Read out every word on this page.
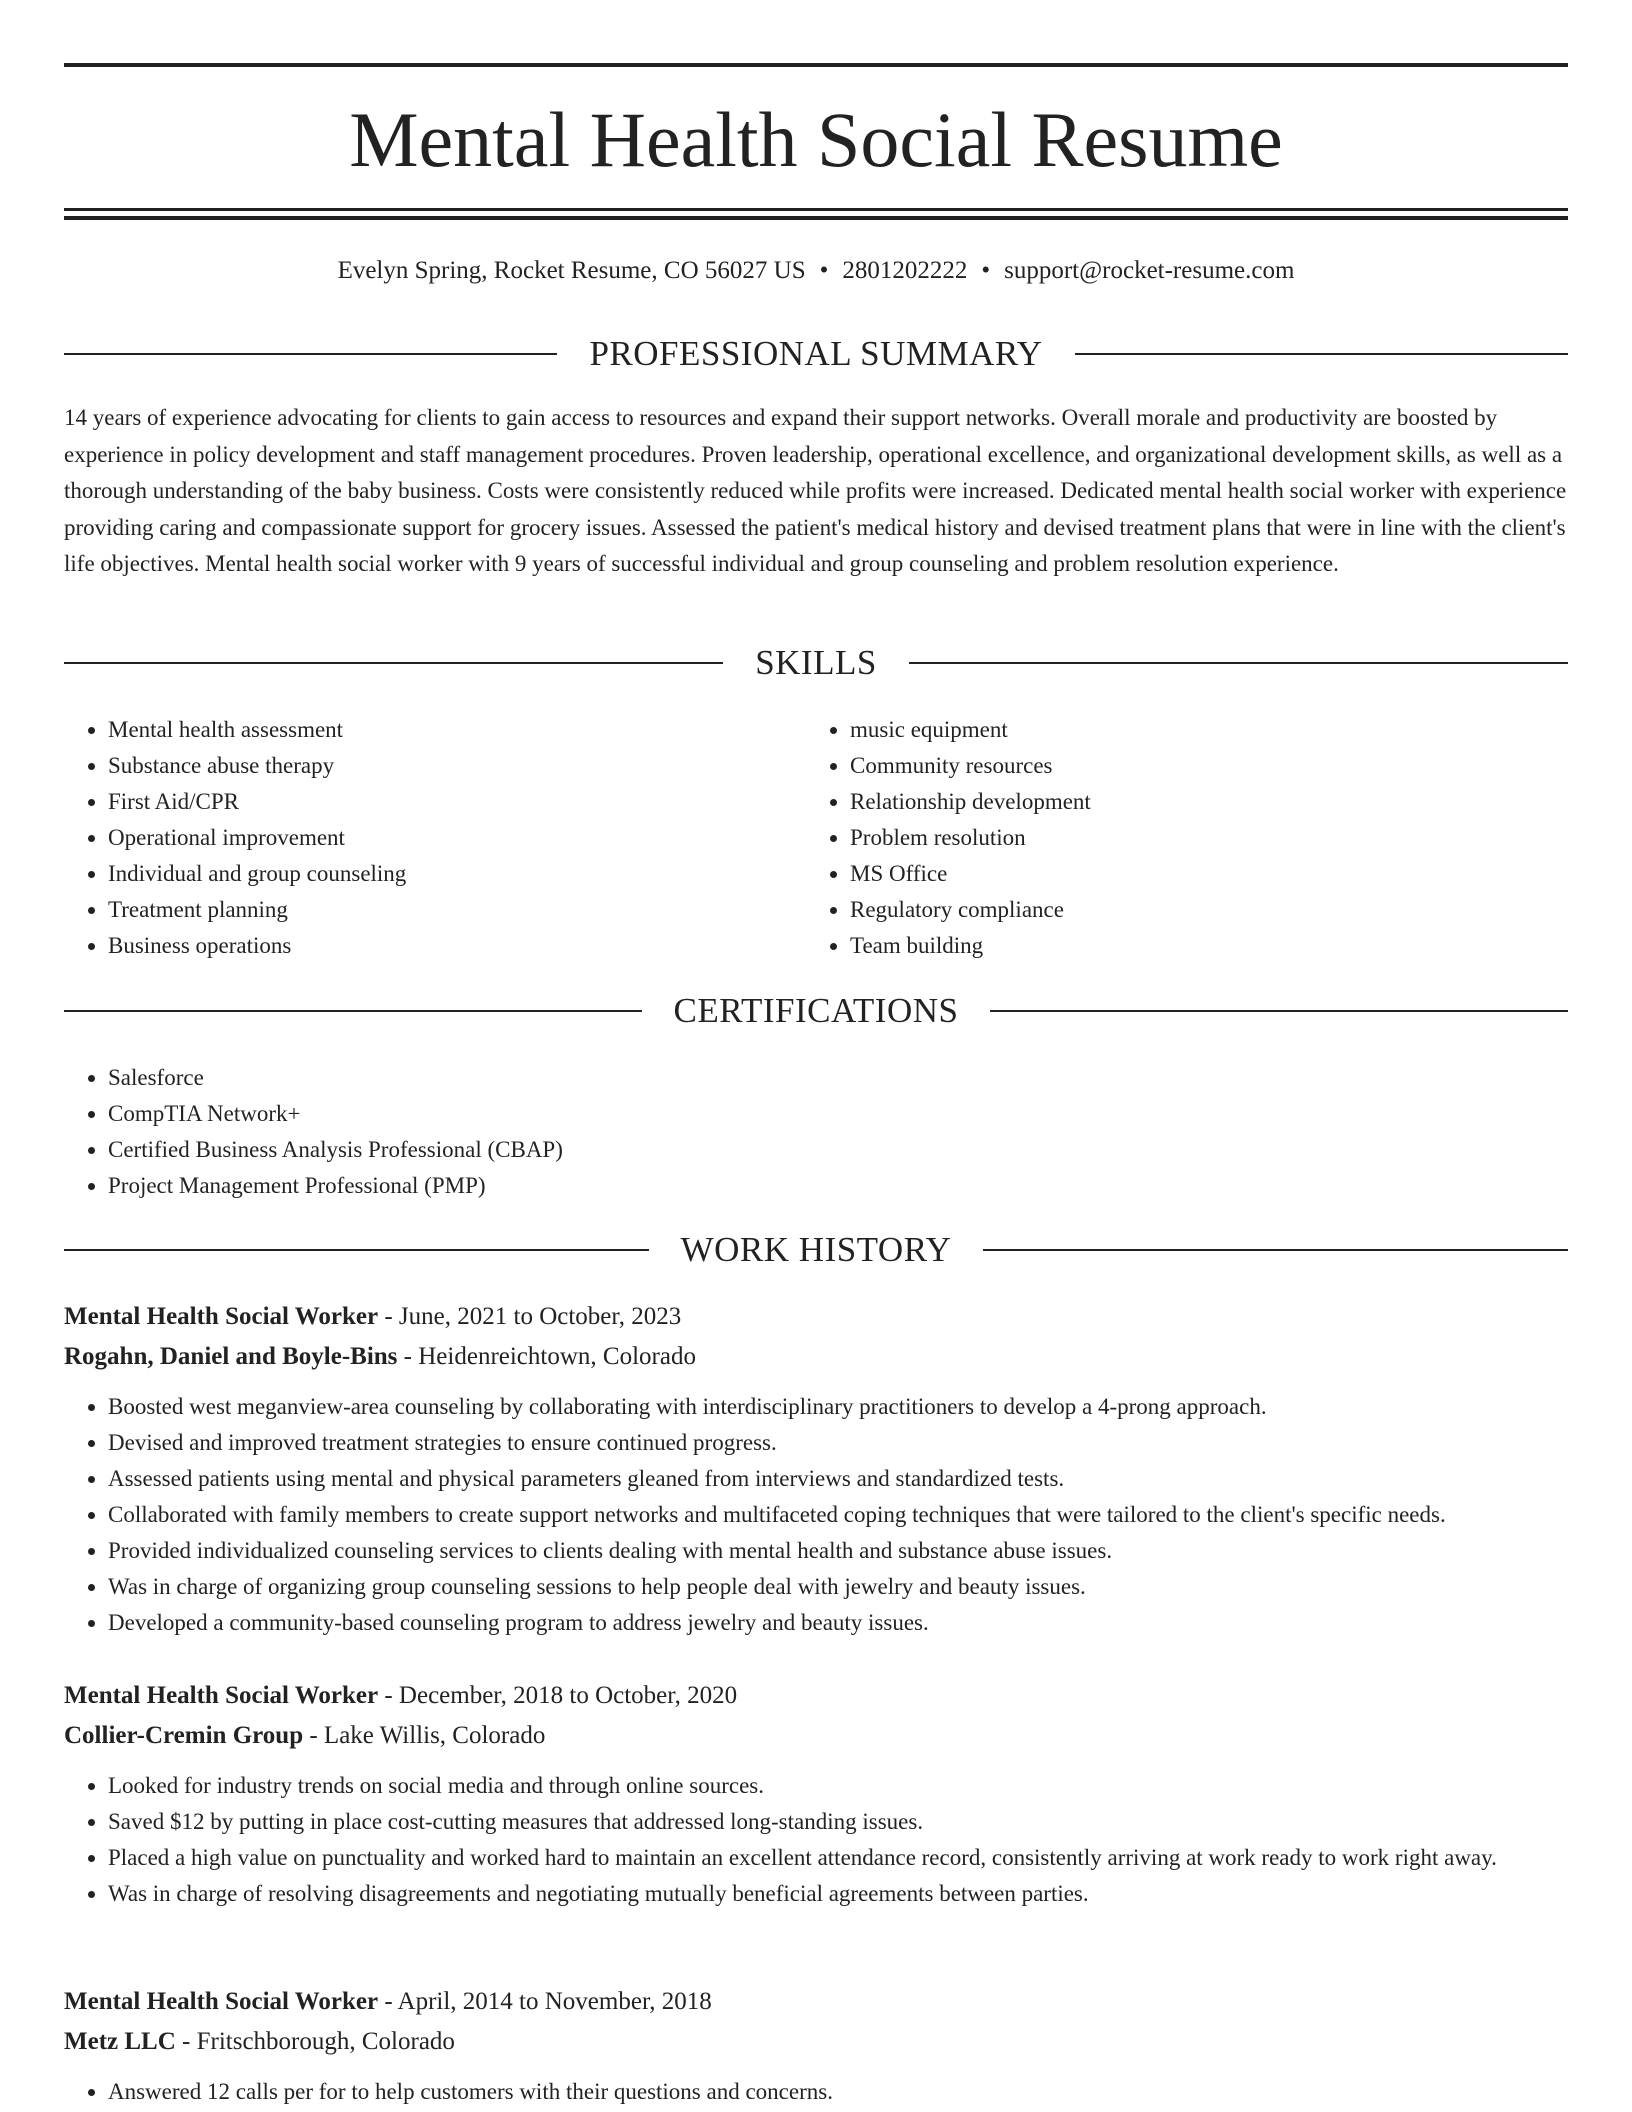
Mental Health Social Resume
Evelyn Spring, Rocket Resume, CO 56027 US • 2801202222 • support@rocket-resume.com
PROFESSIONAL SUMMARY

14 years of experience advocating for clients to gain access to resources and expand their support networks. Overall morale and productivity are boosted by experience in policy development and staff management procedures. Proven leadership, operational excellence, and organizational development skills, as well as a thorough understanding of the baby business. Costs were consistently reduced while profits were increased. Dedicated mental health social worker with experience providing caring and compassionate support for grocery issues. Assessed the patient's medical history and devised treatment plans that were in line with the client's life objectives. Mental health social worker with 9 years of successful individual and group counseling and problem resolution experience.

SKILLS
• Mental health assessment
• Substance abuse therapy
• First Aid/CPR
• Operational improvement
• Individual and group counseling
• Treatment planning
• Business operations
• music equipment
• Community resources
• Relationship development
• Problem resolution
• MS Office
• Regulatory compliance
• Team building
CERTIFICATIONS
• Salesforce
• CompTIA Network+
• Certified Business Analysis Professional (CBAP)
• Project Management Professional (PMP)
WORK HISTORY
Mental Health Social Worker - June, 2021 to October, 2023
Rogahn, Daniel and Boyle-Bins - Heidenreichtown, Colorado
• Boosted west meganview-area counseling by collaborating with interdisciplinary practitioners to develop a 4-prong approach.
• Devised and improved treatment strategies to ensure continued progress.
• Assessed patients using mental and physical parameters gleaned from interviews and standardized tests.
• Collaborated with family members to create support networks and multifaceted coping techniques that were tailored to the client's specific needs.
• Provided individualized counseling services to clients dealing with mental health and substance abuse issues.
• Was in charge of organizing group counseling sessions to help people deal with jewelry and beauty issues.
• Developed a community-based counseling program to address jewelry and beauty issues.
Mental Health Social Worker - December, 2018 to October, 2020
Collier-Cremin Group - Lake Willis, Colorado
• Looked for industry trends on social media and through online sources.
• Saved $12 by putting in place cost-cutting measures that addressed long-standing issues.
• Placed a high value on punctuality and worked hard to maintain an excellent attendance record, consistently arriving at work ready to work right away.
• Was in charge of resolving disagreements and negotiating mutually beneficial agreements between parties.
Mental Health Social Worker - April, 2014 to November, 2018
Metz LLC - Fritschborough, Colorado
• Answered 12 calls per for to help customers with their questions and concerns.
